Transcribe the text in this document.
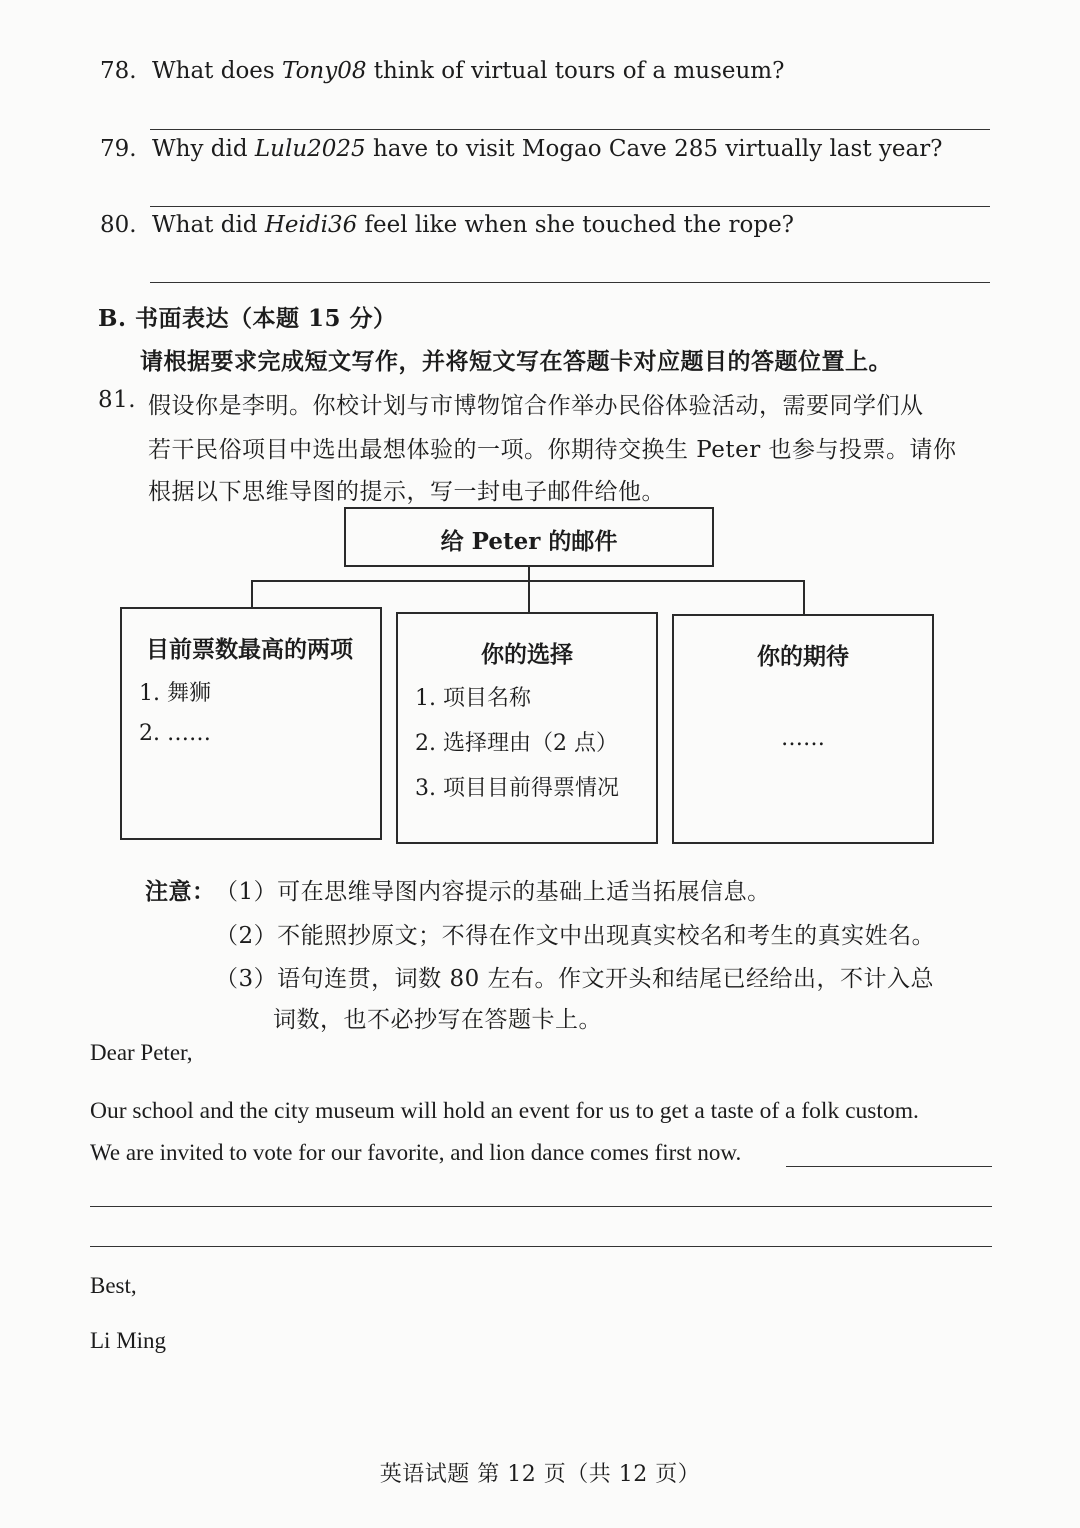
78. What does Tony08 think of virtual tours of a museum?
79. Why did Lulu2025 have to visit Mogao Cave 285 virtually last year?
80. What did Heidi36 feel like when she touched the rope?
B. 书面表达（本题 15 分）
请根据要求完成短文写作，并将短文写在答题卡对应题目的答题位置上。
81. 假设你是李明。你校计划与市博物馆合作举办民俗体验活动，需要同学们从
若干民俗项目中选出最想体验的一项。你期待交换生 Peter 也参与投票。请你
根据以下思维导图的提示，写一封电子邮件给他。
给 Peter 的邮件
目前票数最高的两项
1. 舞狮
2. ……
你的选择
1. 项目名称
2. 选择理由（2 点）
3. 项目目前得票情况
你的期待
……
注意： （1）可在思维导图内容提示的基础上适当拓展信息。
（2）不能照抄原文；不得在作文中出现真实校名和考生的真实姓名。
（3）语句连贯，词数 80 左右。作文开头和结尾已经给出，不计入总
词数，也不必抄写在答题卡上。
Dear Peter,
Our school and the city museum will hold an event for us to get a taste of a folk custom.
We are invited to vote for our favorite, and lion dance comes first now.
Best,
Li Ming
英语试题 第 12 页（共 12 页）
